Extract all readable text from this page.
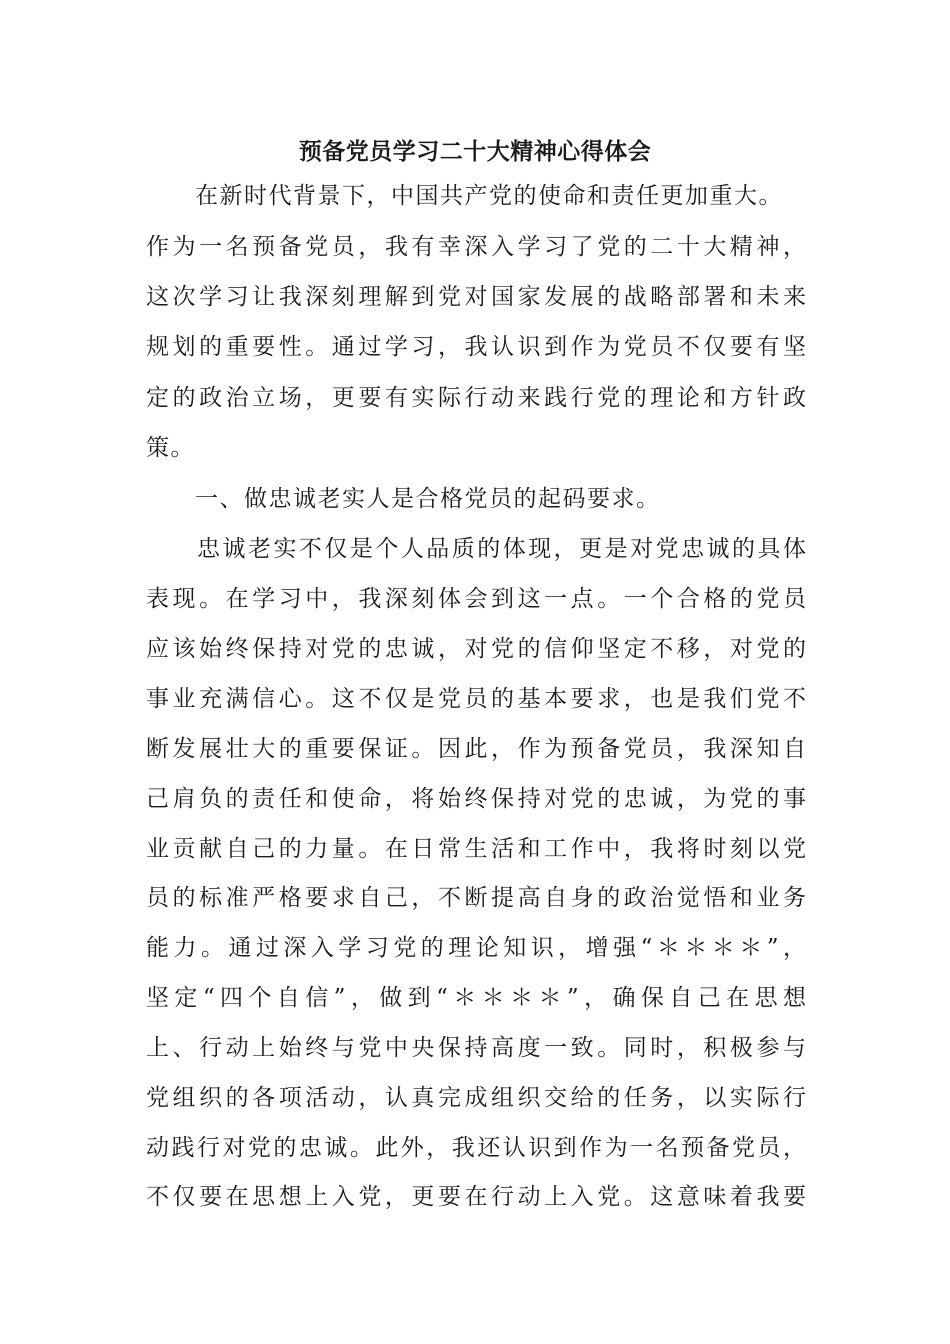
预备党员学习二十大精神心得体会
　　在新时代背景下，中国共产党的使命和责任更加重大。
作为一名预备党员，我有幸深入学习了党的二十大精神，
这次学习让我深刻理解到党对国家发展的战略部署和未来
规划的重要性。通过学习，我认识到作为党员不仅要有坚
定的政治立场，更要有实际行动来践行党的理论和方针政
策。
　　一、做忠诚老实人是合格党员的起码要求。
　　忠诚老实不仅是个人品质的体现，更是对党忠诚的具体
表现。在学习中，我深刻体会到这一点。一个合格的党员
应该始终保持对党的忠诚，对党的信仰坚定不移，对党的
事业充满信心。这不仅是党员的基本要求，也是我们党不
断发展壮大的重要保证。因此，作为预备党员，我深知自
己肩负的责任和使命，将始终保持对党的忠诚，为党的事
业贡献自己的力量。在日常生活和工作中，我将时刻以党
员的标准严格要求自己，不断提高自身的政治觉悟和业务
能力。通过深入学习党的理论知识，增强“＊＊＊＊”，
坚定“四个自信”，做到“＊＊＊＊”，确保自己在思想
上、行动上始终与党中央保持高度一致。同时，积极参与
党组织的各项活动，认真完成组织交给的任务，以实际行
动践行对党的忠诚。此外，我还认识到作为一名预备党员，
不仅要在思想上入党，更要在行动上入党。这意味着我要
